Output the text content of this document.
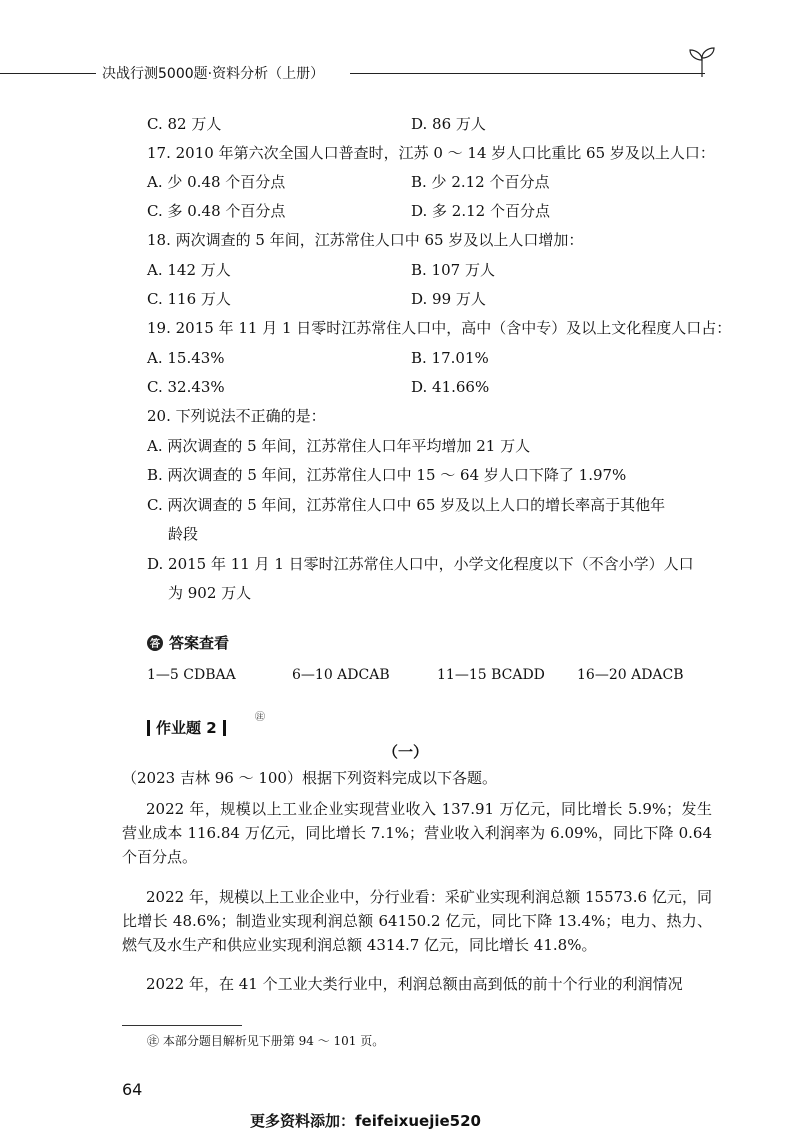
决战行测5000题·资料分析（上册）
C. 82 万人	D. 86 万人
17. 2010 年第六次全国人口普查时，江苏 0 ～ 14 岁人口比重比 65 岁及以上人口：
A. 少 0.48 个百分点	B. 少 2.12 个百分点
C. 多 0.48 个百分点	D. 多 2.12 个百分点
18. 两次调查的 5 年间，江苏常住人口中 65 岁及以上人口增加：
A. 142 万人	B. 107 万人
C. 116 万人	D. 99 万人
19. 2015 年 11 月 1 日零时江苏常住人口中，高中（含中专）及以上文化程度人口占：
A. 15.43%	B. 17.01%
C. 32.43%	D. 41.66%
20. 下列说法不正确的是：
A. 两次调查的 5 年间，江苏常住人口年平均增加 21 万人
B. 两次调查的 5 年间，江苏常住人口中 15 ～ 64 岁人口下降了 1.97%
C. 两次调查的 5 年间，江苏常住人口中 65 岁及以上人口的增长率高于其他年
龄段
D. 2015 年 11 月 1 日零时江苏常住人口中，小学文化程度以下（不含小学）人口
为 902 万人
答 答案查看
1—5 CDBAA	6—10 ADCAB	11—15 BCADD 16—20 ADACB
作业题 2
㊟
（一）
（2023 吉林 96 ～ 100）根据下列资料完成以下各题。
2022 年，规模以上工业企业实现营业收入 137.91 万亿元，同比增长 5.9%；发生营业成本 116.84 万亿元，同比增长 7.1%；营业收入利润率为 6.09%，同比下降 0.64 个百分点。
2022 年，规模以上工业企业中，分行业看：采矿业实现利润总额 15573.6 亿元，同比增长 48.6%；制造业实现利润总额 64150.2 亿元，同比下降 13.4%；电力、热力、燃气及水生产和供应业实现利润总额 4314.7 亿元，同比增长 41.8%。
2022 年，在 41 个工业大类行业中，利润总额由高到低的前十个行业的利润情况
㊟ 本部分题目解析见下册第 94 ～ 101 页。
64
更多资料添加：feifeixuejie520
